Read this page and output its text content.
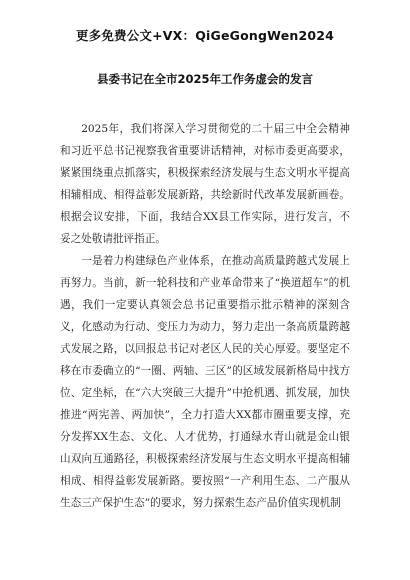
更多免费公文+VX：QiGeGongWen2024
县委书记在全市2025年工作务虚会的发言

2025年，我们将深入学习贯彻党的二十届三中全会精神和习近平总书记视察我省重要讲话精神，对标市委更高要求，紧紧围绕重点抓落实，积极探索经济发展与生态文明水平提高相辅相成、相得益彰发展新路，共绘新时代改革发展新画卷。根据会议安排，下面，我结合XX县工作实际，进行发言，不妥之处敬请批评指正。

一是着力构建绿色产业体系，在推动高质量跨越式发展上再努力。当前，新一轮科技和产业革命带来了“换道超车”的机遇，我们一定要认真领会总书记重要指示批示精神的深刻含义，化感动为行动、变压力为动力，努力走出一条高质量跨越式发展之路，以回报总书记对老区人民的关心厚爱。要坚定不移在市委确立的“一圈、两轴、三区”的区域发展新格局中找方位、定坐标，在“六大突破三大提升”中抢机遇、抓发展，加快推进“两宪善、两加快”，全力打造大XX都市圈重要支撑，充分发挥XX生态、文化、人才优势，打通绿水青山就是金山银山双向互通路径，积极探索经济发展与生态文明水平提高相辅相成、相得益彰发展新路。要按照“一产利用生态、二产服从生态三产保护生态”的要求，努力探索生态产品价值实现机制
